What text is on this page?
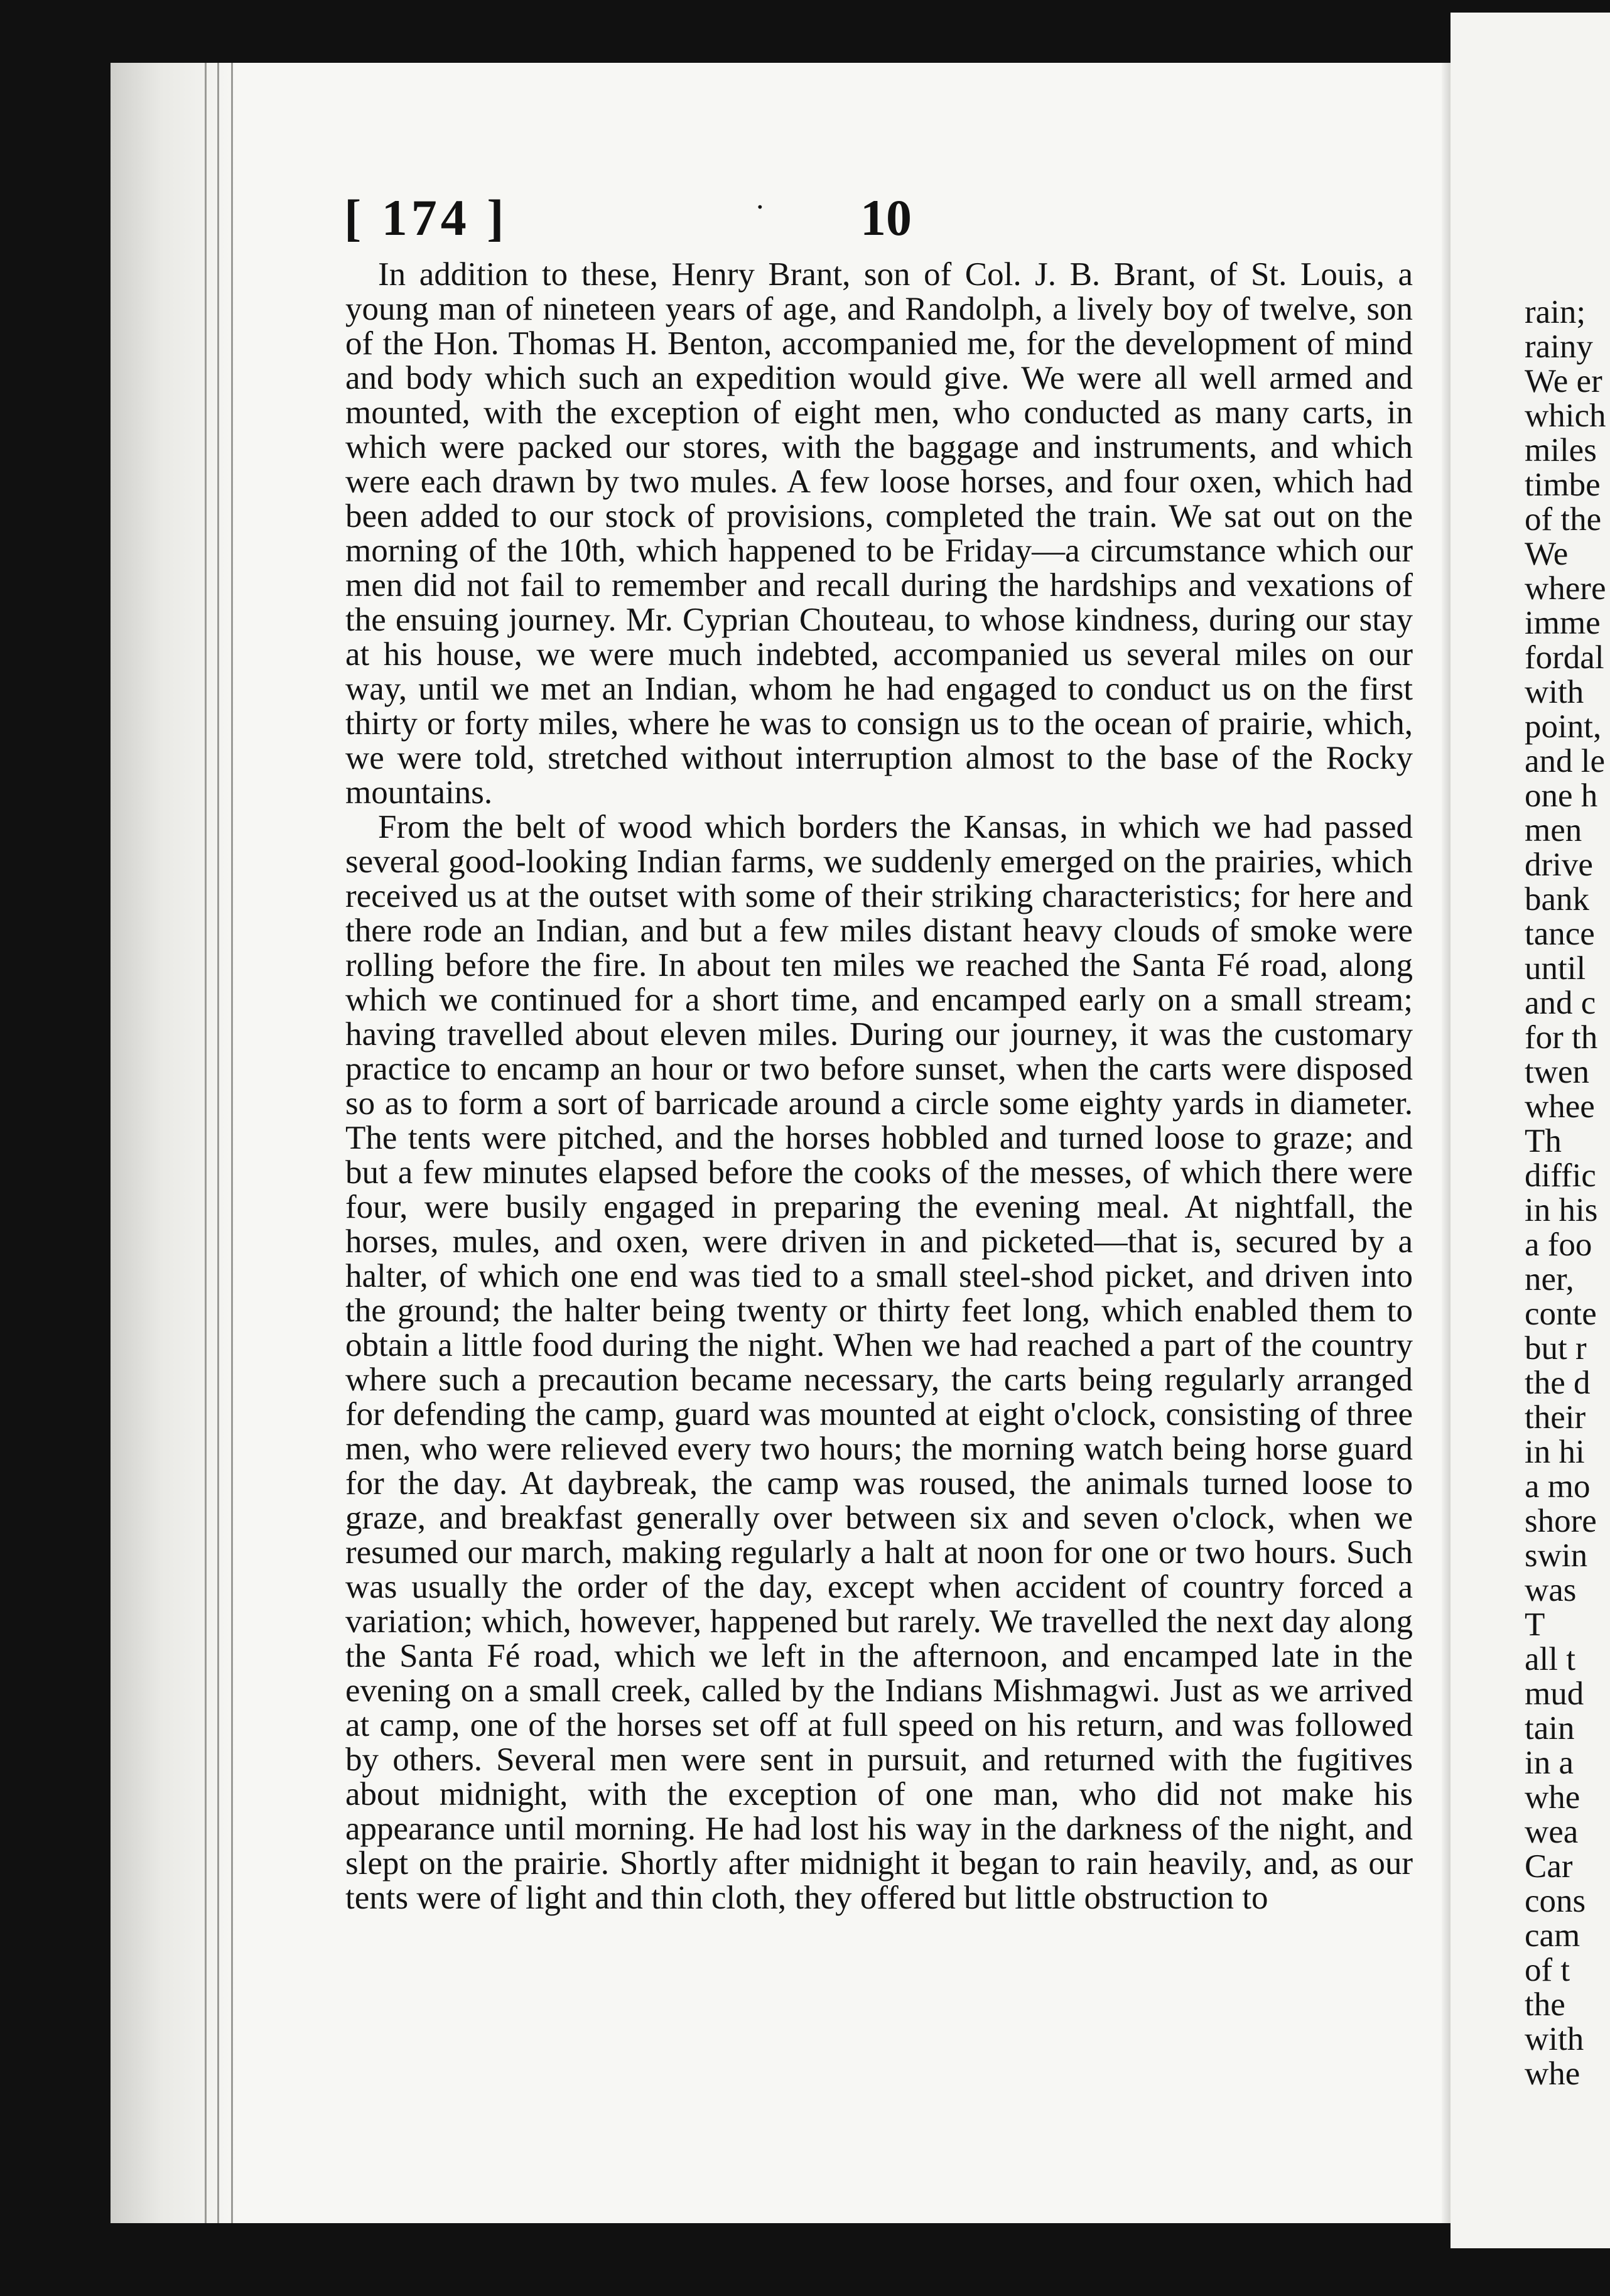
[ 174 ]	· 10

In addition to these, Henry Brant, son of Col. J. B. Brant, of St. Louis, a young man of nineteen years of age, and Randolph, a lively boy of twelve, son of the Hon. Thomas H. Benton, accompanied me, for the development of mind and body which such an expedition would give. We were all well armed and mounted, with the exception of eight men, who conducted as many carts, in which were packed our stores, with the baggage and instruments, and which were each drawn by two mules. A few loose horses, and four oxen, which had been added to our stock of provisions, completed the train. We sat out on the morning of the 10th, which happened to be Friday—a circumstance which our men did not fail to remember and recall during the hardships and vexations of the ensuing journey. Mr. Cyprian Chouteau, to whose kindness, during our stay at his house, we were much indebted, accompanied us several miles on our way, until we met an Indian, whom he had engaged to conduct us on the first thirty or forty miles, where he was to consign us to the ocean of prairie, which, we were told, stretched without interruption almost to the base of the Rocky mountains.

From the belt of wood which borders the Kansas, in which we had passed several good-looking Indian farms, we suddenly emerged on the prairies, which received us at the outset with some of their striking characteristics; for here and there rode an Indian, and but a few miles distant heavy clouds of smoke were rolling before the fire. In about ten miles we reached the Santa Fé road, along which we continued for a short time, and encamped early on a small stream; having travelled about eleven miles. During our journey, it was the customary practice to encamp an hour or two before sunset, when the carts were disposed so as to form a sort of barricade around a circle some eighty yards in diameter. The tents were pitched, and the horses hobbled and turned loose to graze; and but a few minutes elapsed before the cooks of the messes, of which there were four, were busily engaged in preparing the evening meal. At nightfall, the horses, mules, and oxen, were driven in and picketed—that is, secured by a halter, of which one end was tied to a small steel-shod picket, and driven into the ground; the halter being twenty or thirty feet long, which enabled them to obtain a little food during the night. When we had reached a part of the country where such a precaution became necessary, the carts being regularly arranged for defending the camp, guard was mounted at eight o'clock, consisting of three men, who were relieved every two hours; the morning watch being horse guard for the day. At daybreak, the camp was roused, the animals turned loose to graze, and breakfast generally over between six and seven o'clock, when we resumed our march, making regularly a halt at noon for one or two hours. Such was usually the order of the day, except when accident of country forced a variation; which, however, happened but rarely. We travelled the next day along the Santa Fé road, which we left in the afternoon, and encamped late in the evening on a small creek, called by the Indians Mishmagwi. Just as we arrived at camp, one of the horses set off at full speed on his return, and was followed by others. Several men were sent in pursuit, and returned with the fugitives about midnight, with the exception of one man, who did not make his appearance until morning. He had lost his way in the darkness of the night, and slept on the prairie. Shortly after midnight it began to rain heavily, and, as our tents were of light and thin cloth, they offered but little obstruction to

rain;
rainy
We er
which
miles
timbe
of the
We
where
imme
fordal
with
point,
and le
one h
men
drive
bank
tance
until
and c
for th
twen
whee
Th
diffic
in his
a foo
ner,
conte
but r
the d
their
in hi
a mo
shore
swin
was
T
all t
mud
tain
in a
whe
wea
Car
cons
cam
of t
the
with
whe
